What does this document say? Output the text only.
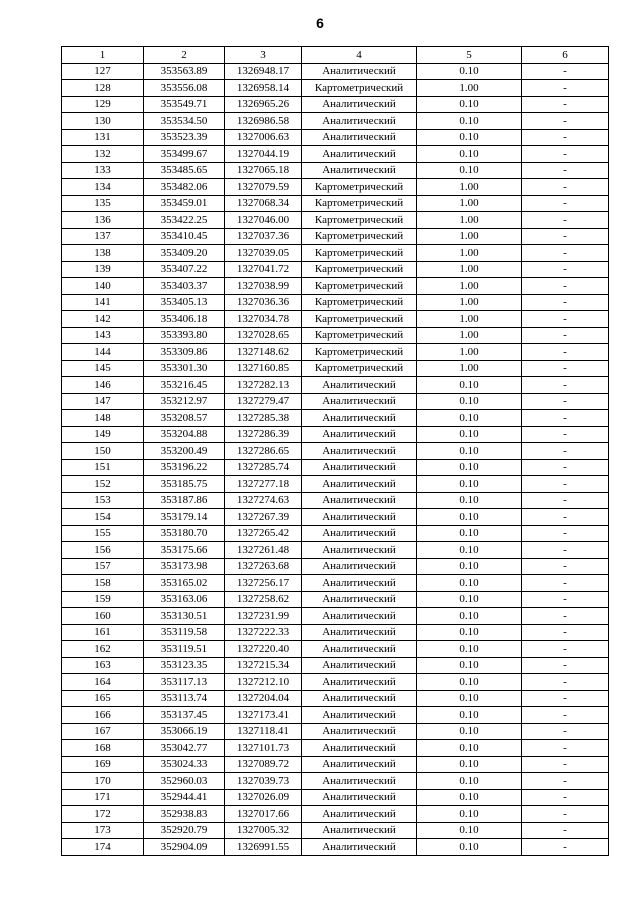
6
1	2	3	4	5	6
127	353563.89	1326948.17	Аналитический	0.10	-
128	353556.08	1326958.14	Картометрический	1.00	-
129	353549.71	1326965.26	Аналитический	0.10	-
130	353534.50	1326986.58	Аналитический	0.10	-
131	353523.39	1327006.63	Аналитический	0.10	-
132	353499.67	1327044.19	Аналитический	0.10	-
133	353485.65	1327065.18	Аналитический	0.10	-
134	353482.06	1327079.59	Картометрический	1.00	-
135	353459.01	1327068.34	Картометрический	1.00	-
136	353422.25	1327046.00	Картометрический	1.00	-
137	353410.45	1327037.36	Картометрический	1.00	-
138	353409.20	1327039.05	Картометрический	1.00	-
139	353407.22	1327041.72	Картометрический	1.00	-
140	353403.37	1327038.99	Картометрический	1.00	-
141	353405.13	1327036.36	Картометрический	1.00	-
142	353406.18	1327034.78	Картометрический	1.00	-
143	353393.80	1327028.65	Картометрический	1.00	-
144	353309.86	1327148.62	Картометрический	1.00	-
145	353301.30	1327160.85	Картометрический	1.00	-
146	353216.45	1327282.13	Аналитический	0.10	-
147	353212.97	1327279.47	Аналитический	0.10	-
148	353208.57	1327285.38	Аналитический	0.10	-
149	353204.88	1327286.39	Аналитический	0.10	-
150	353200.49	1327286.65	Аналитический	0.10	-
151	353196.22	1327285.74	Аналитический	0.10	-
152	353185.75	1327277.18	Аналитический	0.10	-
153	353187.86	1327274.63	Аналитический	0.10	-
154	353179.14	1327267.39	Аналитический	0.10	-
155	353180.70	1327265.42	Аналитический	0.10	-
156	353175.66	1327261.48	Аналитический	0.10	-
157	353173.98	1327263.68	Аналитический	0.10	-
158	353165.02	1327256.17	Аналитический	0.10	-
159	353163.06	1327258.62	Аналитический	0.10	-
160	353130.51	1327231.99	Аналитический	0.10	-
161	353119.58	1327222.33	Аналитический	0.10	-
162	353119.51	1327220.40	Аналитический	0.10	-
163	353123.35	1327215.34	Аналитический	0.10	-
164	353117.13	1327212.10	Аналитический	0.10	-
165	353113.74	1327204.04	Аналитический	0.10	-
166	353137.45	1327173.41	Аналитический	0.10	-
167	353066.19	1327118.41	Аналитический	0.10	-
168	353042.77	1327101.73	Аналитический	0.10	-
169	353024.33	1327089.72	Аналитический	0.10	-
170	352960.03	1327039.73	Аналитический	0.10	-
171	352944.41	1327026.09	Аналитический	0.10	-
172	352938.83	1327017.66	Аналитический	0.10	-
173	352920.79	1327005.32	Аналитический	0.10	-
174	352904.09	1326991.55	Аналитический	0.10	-
